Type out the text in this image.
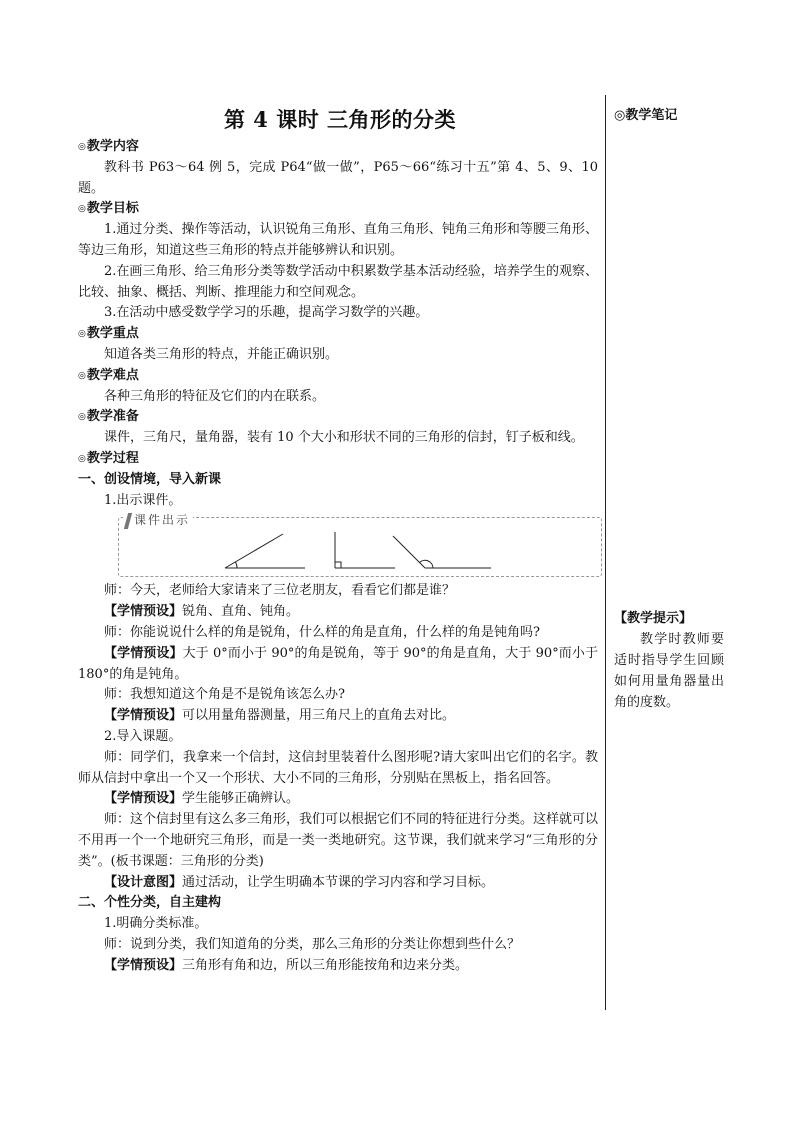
第 4 课时 三角形的分类	◎教学笔记
◎ 教学内容
教科书 P63～64 例 5，完成 P64“做一做”，P65～66“练习十五”第 4、5、9、10 题。
◎ 教学目标
1.通过分类、操作等活动，认识锐角三角形、直角三角形、钝角三角形和等腰三角形、等边三角形，知道这些三角形的特点并能够辨认和识别。
2.在画三角形、给三角形分类等数学活动中积累数学基本活动经验，培养学生的观察、比较、抽象、概括、判断、推理能力和空间观念。
3.在活动中感受数学学习的乐趣，提高学习数学的兴趣。
◎ 教学重点
知道各类三角形的特点，并能正确识别。
◎ 教学难点
各种三角形的特征及它们的内在联系。
◎ 教学准备
课件，三角尺，量角器，装有 10 个大小和形状不同的三角形的信封，钉子板和线。
◎ 教学过程
一、创设情境，导入新课
1.出示课件。
课件出示
师：今天，老师给大家请来了三位老朋友，看看它们都是谁？
【学情预设】锐角、直角、钝角。
师：你能说说什么样的角是锐角，什么样的角是直角，什么样的角是钝角吗?
【学情预设】大于 0°而小于 90°的角是锐角，等于 90°的角是直角，大于 90°而小于 180°的角是钝角。
师：我想知道这个角是不是锐角该怎么办?
【学情预设】可以用量角器测量，用三角尺上的直角去对比。
2.导入课题。
师：同学们，我拿来一个信封，这信封里装着什么图形呢?请大家叫出它们的名字。教师从信封中拿出一个又一个形状、大小不同的三角形，分别贴在黑板上，指名回答。
【学情预设】学生能够正确辨认。
师：这个信封里有这么多三角形，我们可以根据它们不同的特征进行分类。这样就可以不用再一个一个地研究三角形，而是一类一类地研究。这节课，我们就来学习“三角形的分类”。(板书课题：三角形的分类)
【设计意图】通过活动，让学生明确本节课的学习内容和学习目标。
二、个性分类，自主建构
1.明确分类标准。
师：说到分类，我们知道角的分类，那么三角形的分类让你想到些什么？
【学情预设】三角形有角和边，所以三角形能按角和边来分类。
【教学提示】
教学时教师要适时指导学生回顾如何用量角器量出角的度数。
